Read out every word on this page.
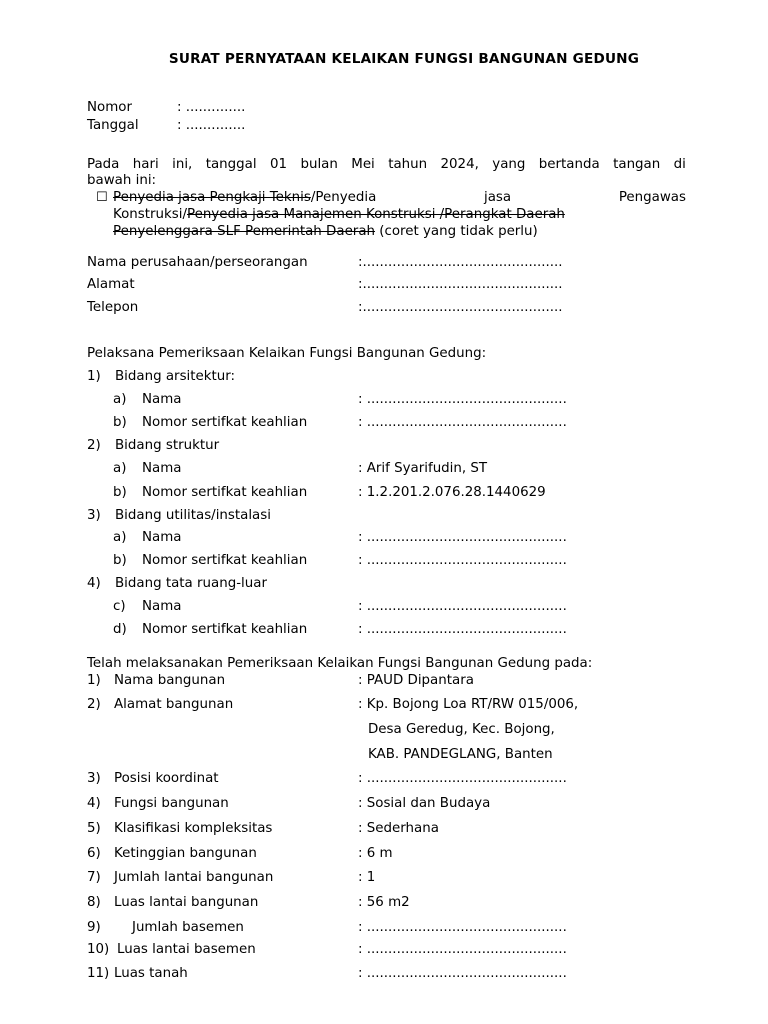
SURAT PERNYATAAN KELAIKAN FUNGSI BANGUNAN GEDUNG
Nomor	: ..............
Tanggal	: ..............
Pada hari ini, tanggal 01 bulan Mei tahun 2024, yang bertanda tangan di
bawah ini:
☐ Penyedia jasa Pengkaji Teknis/Penyedia	jasa	Pengawas
Konstruksi/Penyedia jasa Manajemen Konstruksi /Perangkat Daerah
Penyelenggara SLF Pemerintah Daerah (coret yang tidak perlu)
Nama perusahaan/perseorangan	:...............................................
Alamat	:...............................................
Telepon	:...............................................
Pelaksana Pemeriksaan Kelaikan Fungsi Bangunan Gedung:
1) Bidang arsitektur:
a) Nama	: ...............................................
b) Nomor sertifkat keahlian	: ...............................................
2) Bidang struktur
a) Nama	: Arif Syarifudin, ST
b) Nomor sertifkat keahlian	: 1.2.201.2.076.28.1440629
3) Bidang utilitas/instalasi
a) Nama	: ...............................................
b) Nomor sertifkat keahlian	: ...............................................
4) Bidang tata ruang-luar
c) Nama	: ...............................................
d) Nomor sertifkat keahlian	: ...............................................
Telah melaksanakan Pemeriksaan Kelaikan Fungsi Bangunan Gedung pada:
1) Nama bangunan	: PAUD Dipantara
2) Alamat bangunan	: Kp. Bojong Loa RT/RW 015/006,
Desa Geredug, Kec. Bojong,
KAB. PANDEGLANG, Banten
3) Posisi koordinat	: ...............................................
4) Fungsi bangunan	: Sosial dan Budaya
5) Klasifikasi kompleksitas	: Sederhana
6) Ketinggian bangunan	: 6 m
7) Jumlah lantai bangunan	: 1
8) Luas lantai bangunan	: 56 m2
9) Jumlah basemen	: ...............................................
10) Luas lantai basemen	: ...............................................
11) Luas tanah	: ...............................................
